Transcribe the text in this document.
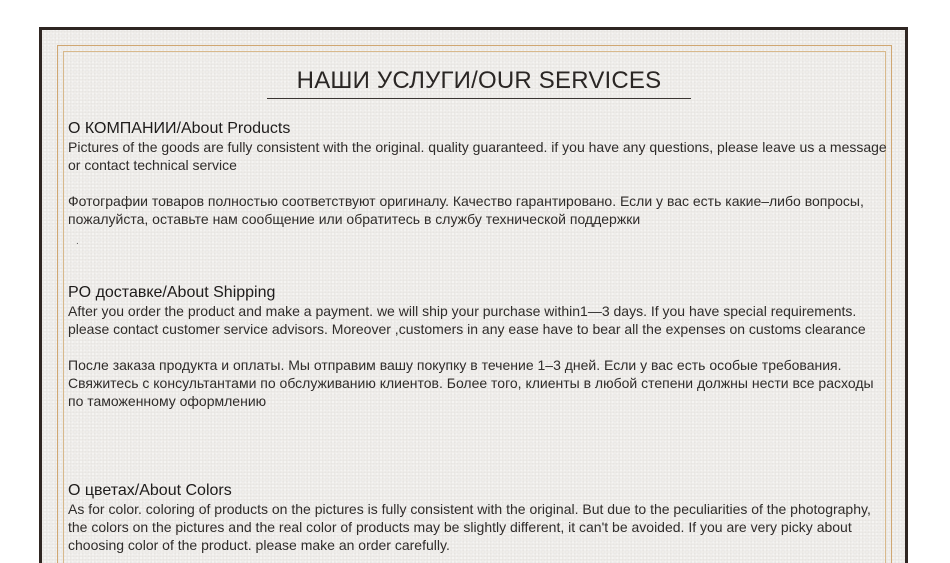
НАШИ УСЛУГИ/OUR SERVICES

О КОМПАНИИ/About Products

Pictures of the goods are fully consistent with the original. quality guaranteed. if you have any questions, please leave us a message or contact technical service

Фотографии товаров полностью соответствуют оригиналу. Качество гарантировано. Если у вас есть какие–либо вопросы, пожалуйста, оставьте нам сообщение или обратитесь в службу технической поддержки

.

PO доставке/About Shipping

After you order the product and make a payment. we will ship your purchase within1—3 days. If you have special requirements. please contact customer service advisors. Moreover ,customers in any ease have to bear all the expenses on customs clearance

После заказа продукта и оплаты. Мы отправим вашу покупку в течение 1–3 дней. Если у вас есть особые требования. Свяжитесь с консультантами по обслуживанию клиентов. Более того, клиенты в любой степени должны нести все расходы по таможенному оформлению

О цветах/About Colors

As for color. coloring of products on the pictures is fully consistent with the original. But due to the peculiarities of the photography, the colors on the pictures and the real color of products may be slightly different, it can't be avoided. If you are very picky about choosing color of the product. please make an order carefully.
